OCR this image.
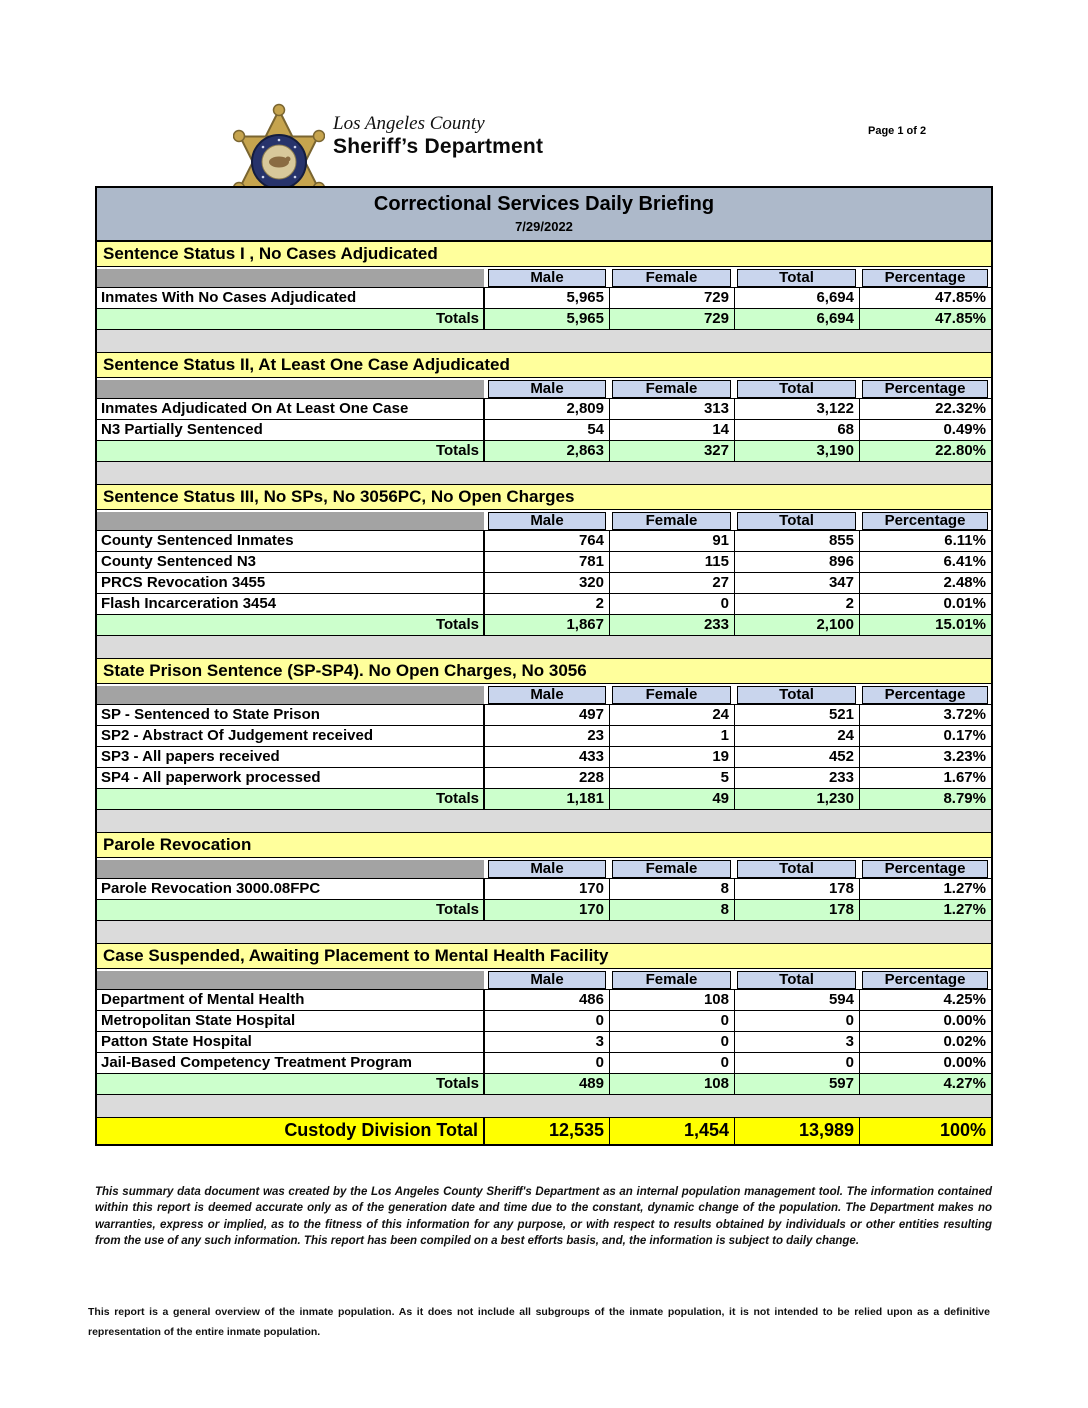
Los Angeles County
Sheriff’s Department
Page 1 of 2
Correctional Services Daily Briefing
7/29/2022
Sentence Status I , No Cases Adjudicated
Male	Female	Total	Percentage
Inmates With No Cases Adjudicated	5,965	729	6,694	47.85%
Totals	5,965	729	6,694	47.85%
Sentence Status II, At Least One Case Adjudicated
Male	Female	Total	Percentage
Inmates Adjudicated On At Least One Case	2,809	313	3,122	22.32%
N3 Partially Sentenced	54	14	68	0.49%
Totals	2,863	327	3,190	22.80%
Sentence Status III, No SPs, No 3056PC, No Open Charges
Male	Female	Total	Percentage
County Sentenced Inmates	764	91	855	6.11%
County Sentenced N3	781	115	896	6.41%
PRCS Revocation 3455	320	27	347	2.48%
Flash Incarceration 3454	2	0	2	0.01%
Totals	1,867	233	2,100	15.01%
State Prison Sentence (SP-SP4). No Open Charges, No 3056
Male	Female	Total	Percentage
SP - Sentenced to State Prison	497	24	521	3.72%
SP2 - Abstract Of Judgement received	23	1	24	0.17%
SP3 - All papers received	433	19	452	3.23%
SP4 - All paperwork processed	228	5	233	1.67%
Totals	1,181	49	1,230	8.79%
Parole Revocation
Male	Female	Total	Percentage
Parole Revocation 3000.08FPC	170	8	178	1.27%
Totals	170	8	178	1.27%
Case Suspended, Awaiting Placement to Mental Health Facility
Male	Female	Total	Percentage
Department of Mental Health	486	108	594	4.25%
Metropolitan State Hospital	0	0	0	0.00%
Patton State Hospital	3	0	3	0.02%
Jail-Based Competency Treatment Program	0	0	0	0.00%
Totals	489	108	597	4.27%
Custody Division Total	12,535	1,454	13,989	100%
This summary data document was created by the Los Angeles County Sheriff's Department as an internal population management tool. The information contained within this report is deemed accurate only as of the generation date and time due to the constant, dynamic change of the population. The Department makes no warranties, express or implied, as to the fitness of this information for any purpose, or with respect to results obtained by individuals or other entities resulting from the use of any such information. This report has been compiled on a best efforts basis, and, the information is subject to daily change.
This report is a general overview of the inmate population. As it does not include all subgroups of the inmate population, it is not intended to be relied upon as a definitive representation of the entire inmate population.
